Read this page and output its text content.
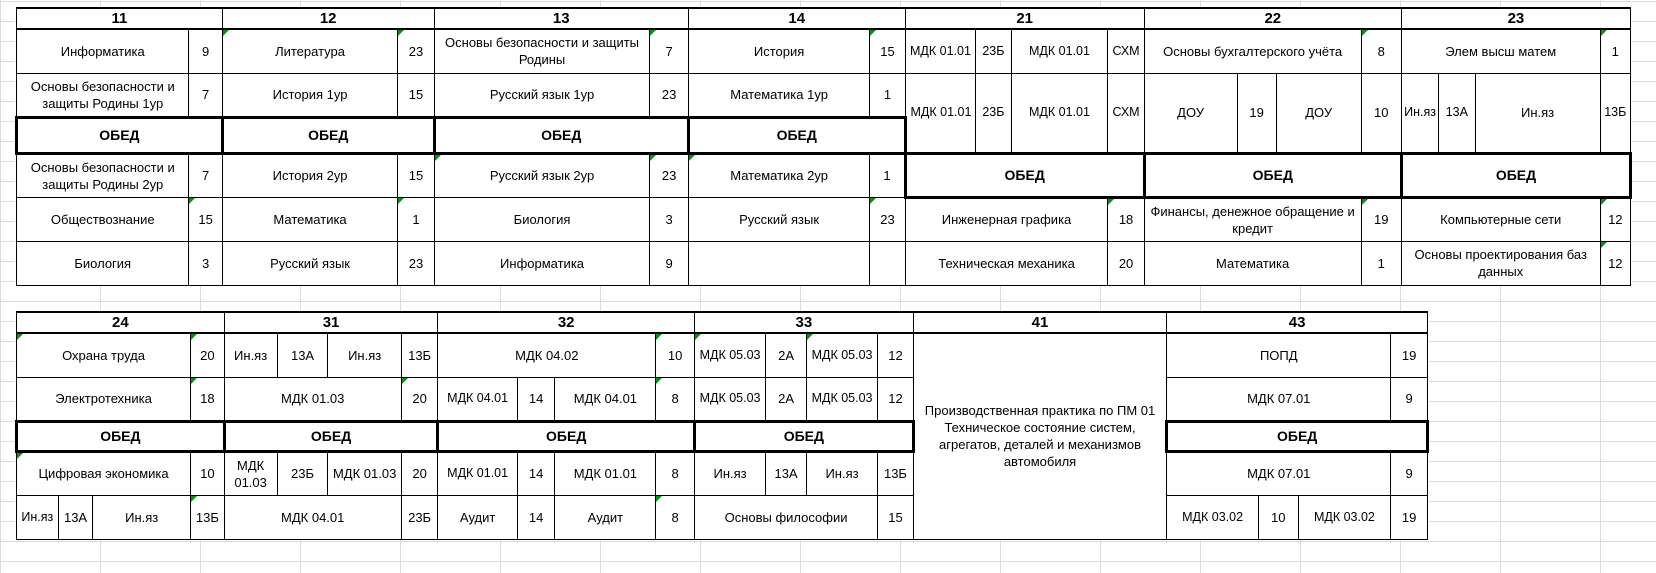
11		12		13		14		21				22				23			
Информатика	9	Литература	23	Основы безопасности и защиты Родины	7	История	15	МДК 01.01	23Б	МДК 01.01	СХМ	Основы бухгалтерского учёта			8	Элем высш матем			1
Основы безопасности и защиты Родины 1ур	7	История 1ур	15	Русский язык 1ур	23	Математика 1ур	1	МДК 01.01	23Б	МДК 01.01	СХМ	ДОУ	19	ДОУ	10	Ин.яз	13А	Ин.яз	13Б
ОБЕД		ОБЕД		ОБЕД		ОБЕД													
Основы безопасности и защиты Родины 2ур	7	История 2ур	15	Русский язык 2ур	23	Математика 2ур	1	ОБЕД				ОБЕД				ОБЕД			
Обществознание	15	Математика	1	Биология	3	Русский язык	23	Инженерная графика			18	Финансы, денежное обращение и кредит			19	Компьютерные сети			12
Биология	3	Русский язык	23	Информатика	9			Техническая механика			20	Математика			1	Основы проектирования баз данных			12
24				31				32				33				41	43			
Охрана труда			20	Ин.яз	13А	Ин.яз	13Б	МДК 04.02			10	МДК 05.03	2А	МДК 05.03	12	Производственная практика по ПМ 01 Техническое состояние систем, агрегатов, деталей и механизмов автомобиля	ПОПД			19
Электротехника			18	МДК 01.03			20	МДК 04.01	14	МДК 04.01	8	МДК 05.03	2А	МДК 05.03	12		МДК 07.01			9
ОБЕД				ОБЕД				ОБЕД				ОБЕД					ОБЕД			
Цифровая экономика			10	МДК 01.03	23Б	МДК 01.03	20	МДК 01.01	14	МДК 01.01	8	Ин.яз	13А	Ин.яз	13Б		МДК 07.01			9
Ин.яз	13А	Ин.яз	13Б	МДК 04.01			23Б	Аудит	14	Аудит	8	Основы философии			15		МДК 03.02	10	МДК 03.02	19
